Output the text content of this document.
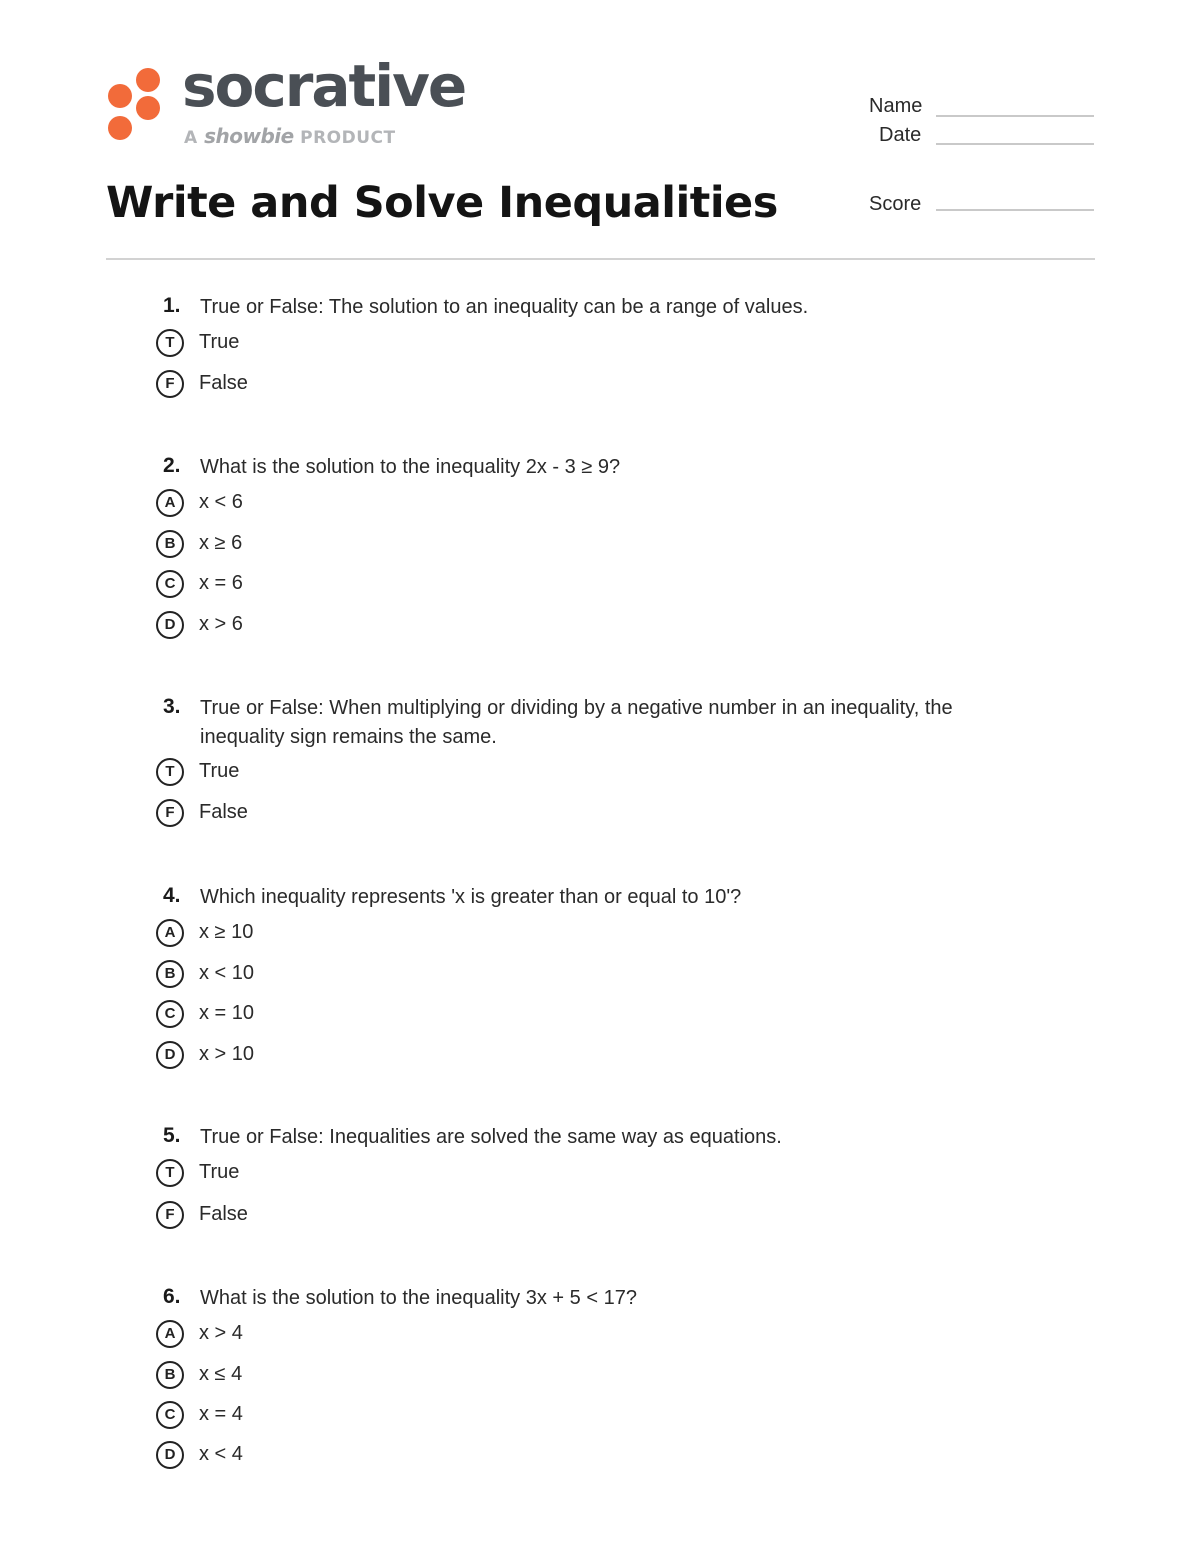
socrative
A showbie PRODUCT
Name
Date
Score
Write and Solve Inequalities
1. True or False: The solution to an inequality can be a range of values.
T	True
F	False
2. What is the solution to the inequality 2x - 3 ≥ 9?
A	x < 6
B	x ≥ 6
C	x = 6
D	x > 6
3. True or False: When multiplying or dividing by a negative number in an inequality, the inequality sign remains the same.
T	True
F	False
4. Which inequality represents 'x is greater than or equal to 10'?
A	x ≥ 10
B	x < 10
C	x = 10
D	x > 10
5. True or False: Inequalities are solved the same way as equations.
T	True
F	False
6. What is the solution to the inequality 3x + 5 < 17?
A	x > 4
B	x ≤ 4
C	x = 4
D	x < 4
